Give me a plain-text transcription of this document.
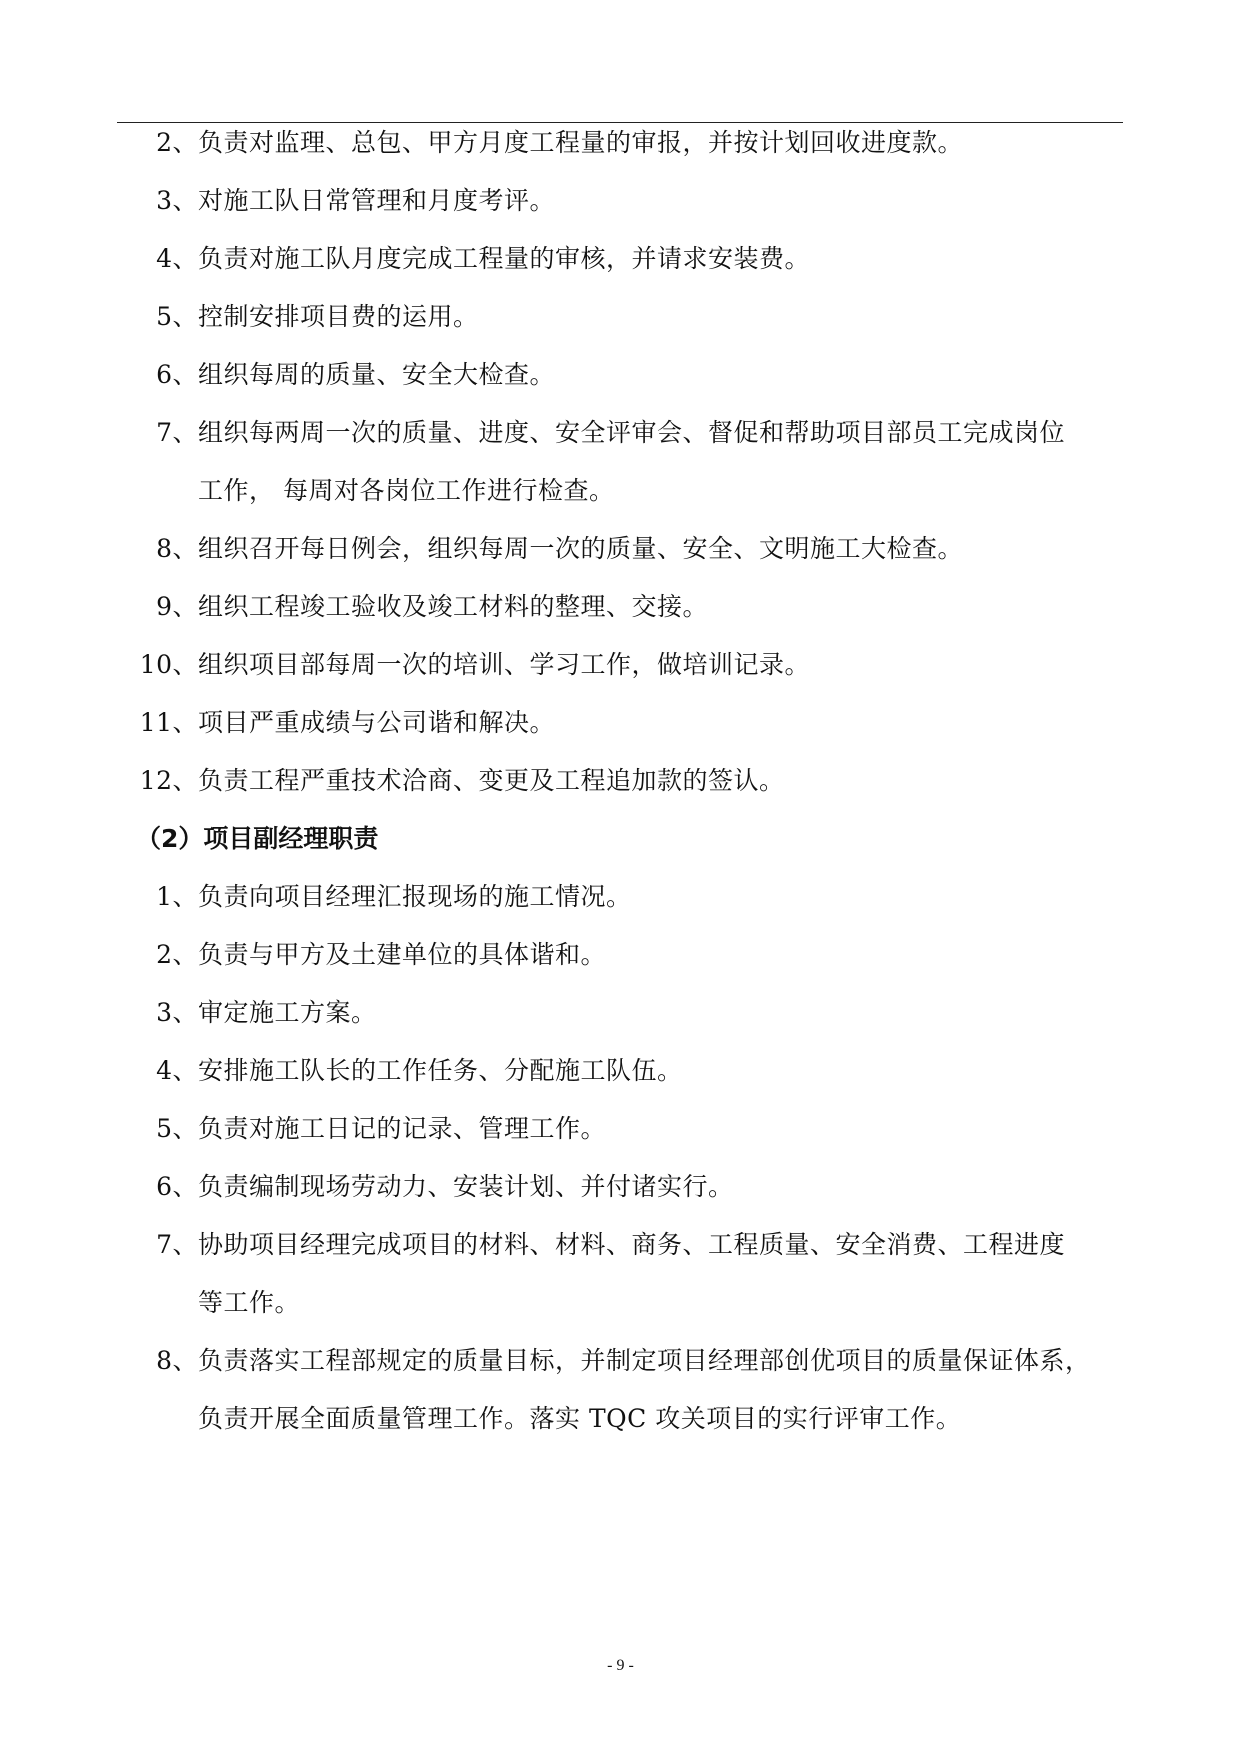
2、负责对监理、总包、甲方月度工程量的审报，并按计划回收进度款。
3、对施工队日常管理和月度考评。
4、负责对施工队月度完成工程量的审核，并请求安装费。
5、控制安排项目费的运用。
6、组织每周的质量、安全大检查。
7、组织每两周一次的质量、进度、安全评审会、督促和帮助项目部员工完成岗位
工作， 每周对各岗位工作进行检查。
8、组织召开每日例会，组织每周一次的质量、安全、文明施工大检查。
9、组织工程竣工验收及竣工材料的整理、交接。
10、组织项目部每周一次的培训、学习工作，做培训记录。
11、项目严重成绩与公司谐和解决。
12、负责工程严重技术洽商、变更及工程追加款的签认。
（2）项目副经理职责
1、负责向项目经理汇报现场的施工情况。
2、负责与甲方及土建单位的具体谐和。
3、审定施工方案。
4、安排施工队长的工作任务、分配施工队伍。
5、负责对施工日记的记录、管理工作。
6、负责编制现场劳动力、安装计划、并付诸实行。
7、协助项目经理完成项目的材料、材料、商务、工程质量、安全消费、工程进度
等工作。
8、负责落实工程部规定的质量目标，并制定项目经理部创优项目的质量保证体系，
负责开展全面质量管理工作。落实 TQC 攻关项目的实行评审工作。
- 9 -
